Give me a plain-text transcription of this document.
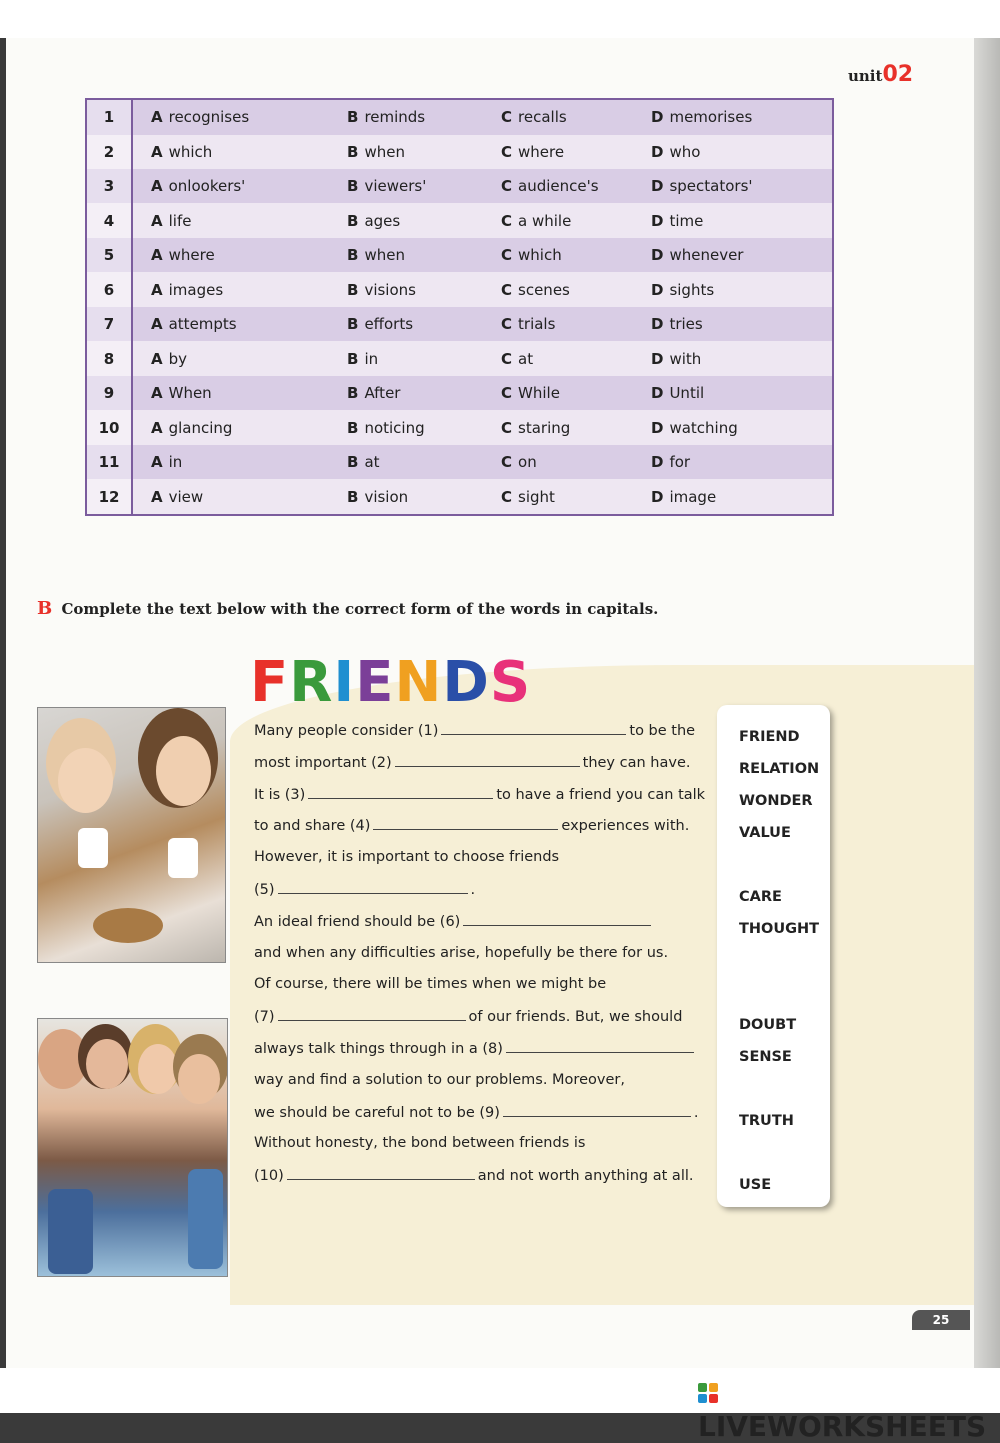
unit02
1	A recognises	B reminds	C recalls	D memorises
2	A which	B when	C where	D who
3	A onlookers'	B viewers'	C audience's	D spectators'
4	A life	B ages	C a while	D time
5	A where	B when	C which	D whenever
6	A images	B visions	C scenes	D sights
7	A attempts	B efforts	C trials	D tries
8	A by	B in	C at	D with
9	A When	B After	C While	D Until
10	A glancing	B noticing	C staring	D watching
11	A in	B at	C on	D for
12	A view	B vision	C sight	D image
B Complete the text below with the correct form of the words in capitals.
FRIENDS
Many people consider (1)	to be the
most important (2)	they can have.
It is (3)	to have a friend you can talk
to and share (4)	experiences with.
However, it is important to choose friends
(5)	.
An ideal friend should be (6)
and when any difficulties arise, hopefully be there for us.
Of course, there will be times when we might be
(7)	of our friends. But, we should
always talk things through in a (8)
way and find a solution to our problems. Moreover,
we should be careful not to be (9)	.
Without honesty, the bond between friends is
(10)	and not worth anything at all.
FRIEND
RELATION
WONDER
VALUE
CARE
THOUGHT
DOUBT
SENSE
TRUTH
USE
25
LIVEWORKSHEETS
